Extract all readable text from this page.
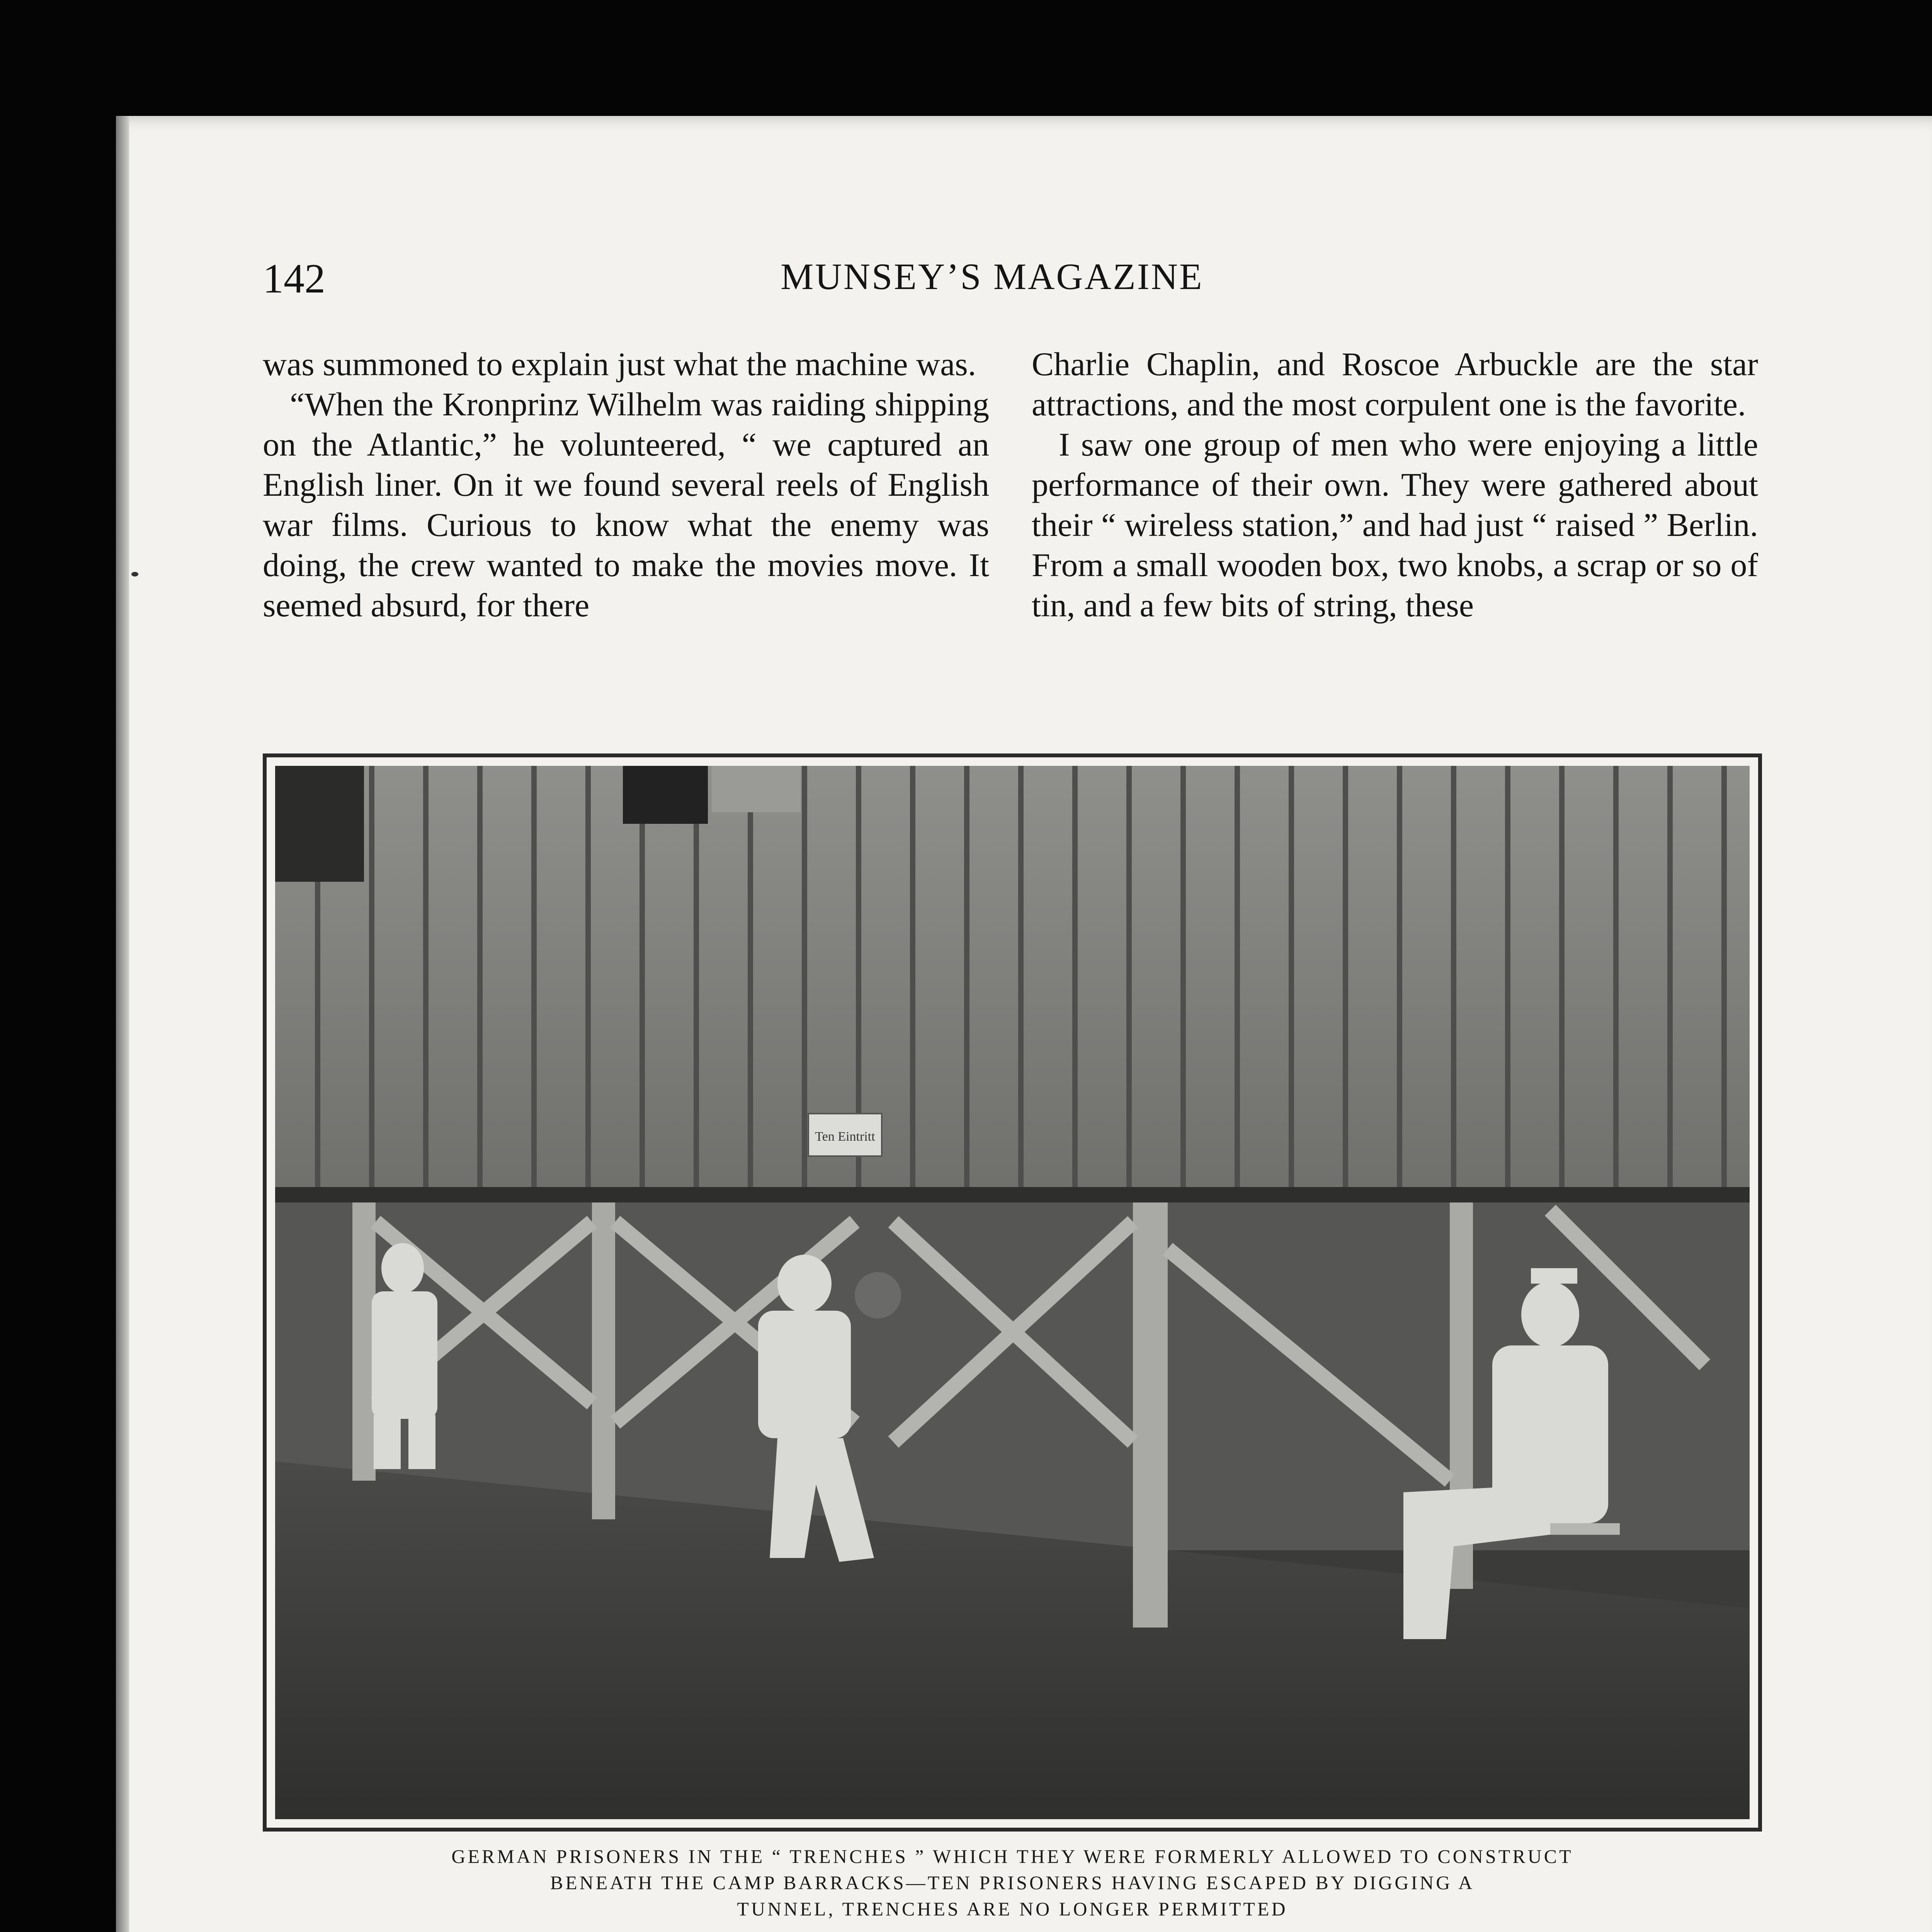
142	MUNSEY’S MAGAZINE

was summoned to explain just what the machine was.

“When the Kronprinz Wilhelm was raiding shipping on the Atlantic,” he volunteered, “ we captured an English liner. On it we found several reels of English war films. Curious to know what the enemy was doing, the crew wanted to make the movies move. It seemed absurd, for there

Charlie Chaplin, and Roscoe Arbuckle are the star attractions, and the most corpulent one is the favorite.

I saw one group of men who were enjoying a little performance of their own. They were gathered about their “ wireless station,” and had just “ raised ” Berlin. From a small wooden box, two knobs, a scrap or so of tin, and a few bits of string, these

Ten Eintritt
GERMAN PRISONERS IN THE “ TRENCHES ” WHICH THEY WERE FORMERLY ALLOWED TO CONSTRUCT
BENEATH THE CAMP BARRACKS—TEN PRISONERS HAVING ESCAPED BY DIGGING A
TUNNEL, TRENCHES ARE NO LONGER PERMITTED
